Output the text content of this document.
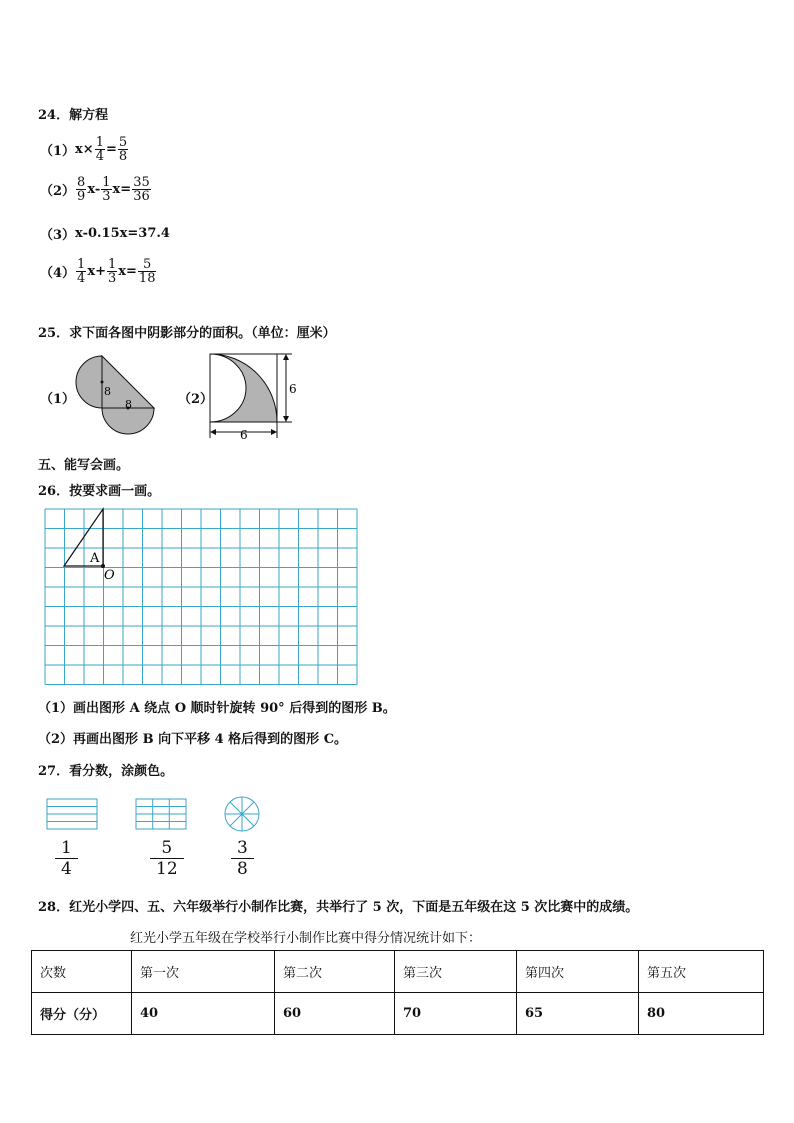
24．解方程
（1） $x\times \frac{1}{4} = \frac{5}{8}$
$(2) \frac{8}{9} x- \frac{1}{3} x= \frac{35}{36}$
（3） x-0.15x=37.4
$(4) \frac{1}{4} x+ \frac{1}{3} x= \frac{5}{18}$
25．求下面各图中阴影部分的面积。（单位：厘米）
（1）
8
8	（2）
6
6
五、能写会画。
26．按要求画一画。
A
O
（1）画出图形 A 绕点 O 顺时针旋转 90° 后得到的图形 B。
（2）再画出图形 B 向下平移 4 格后得到的图形 C。
27．看分数，涂颜色。
$\frac{1}{4}$	$\frac{5}{12}$	$\frac{3}{8}$
28．红光小学四、五、六年级举行小制作比赛，共举行了 5 次，下面是五年级在这 5 次比赛中的成绩。
红光小学五年级在学校举行小制作比赛中得分情况统计如下：
次数	第一次	第二次	第三次	第四次	第五次
得分（分）	40	60	70	65	80
